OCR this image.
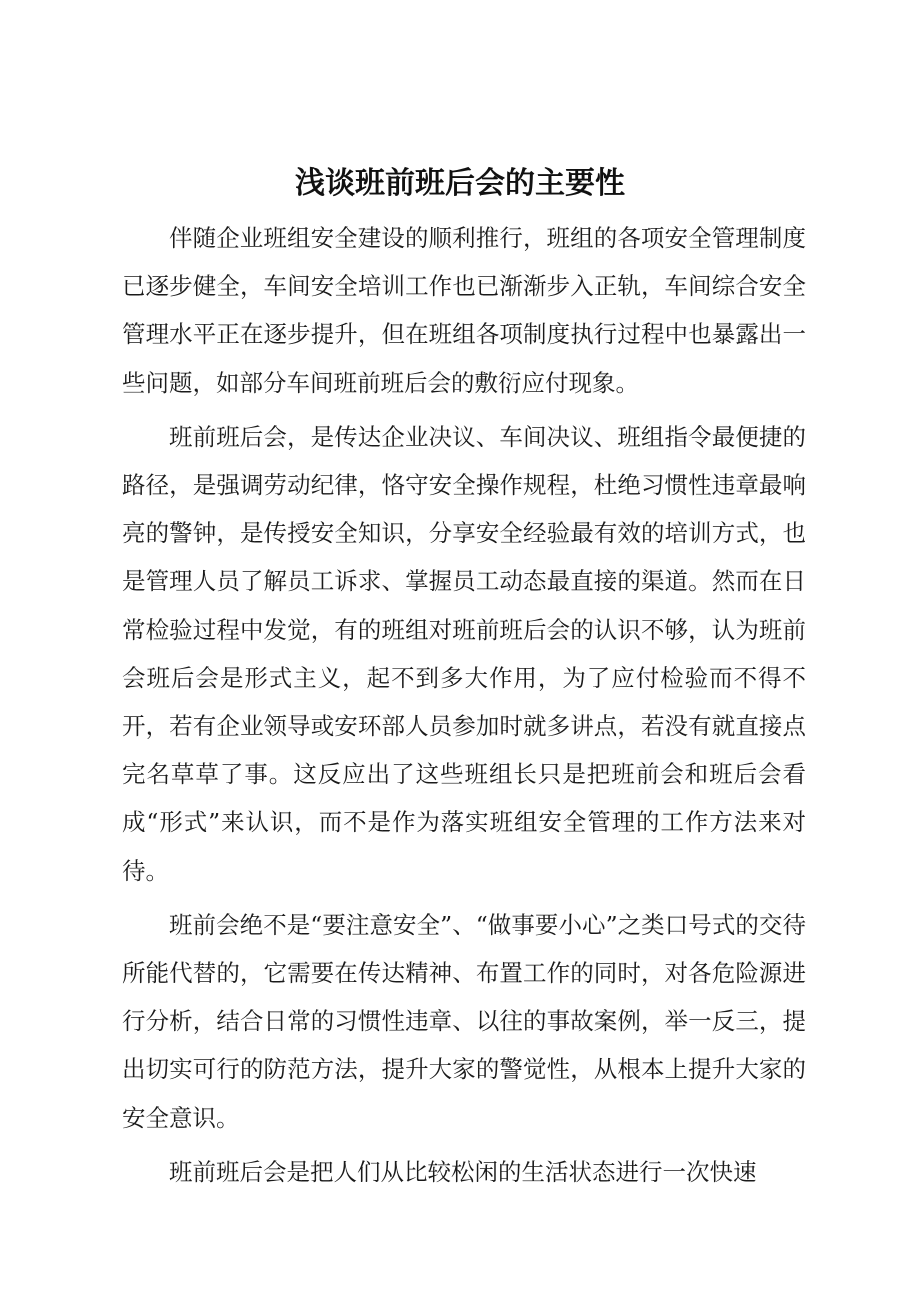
浅谈班前班后会的主要性

伴随企业班组安全建设的顺利推行，班组的各项安全管理制度已逐步健全，车间安全培训工作也已渐渐步入正轨，车间综合安全管理水平正在逐步提升，但在班组各项制度执行过程中也暴露出一些问题，如部分车间班前班后会的敷衍应付现象。

班前班后会，是传达企业决议、车间决议、班组指令最便捷的路径，是强调劳动纪律，恪守安全操作规程，杜绝习惯性违章最响亮的警钟，是传授安全知识，分享安全经验最有效的培训方式，也是管理人员了解员工诉求、掌握员工动态最直接的渠道。然而在日常检验过程中发觉，有的班组对班前班后会的认识不够，认为班前会班后会是形式主义，起不到多大作用，为了应付检验而不得不开，若有企业领导或安环部人员参加时就多讲点，若没有就直接点完名草草了事。这反应出了这些班组长只是把班前会和班后会看成“形式”来认识，而不是作为落实班组安全管理的工作方法来对待。

班前会绝不是“要注意安全”、“做事要小心”之类口号式的交待所能代替的，它需要在传达精神、布置工作的同时，对各危险源进行分析，结合日常的习惯性违章、以往的事故案例，举一反三，提出切实可行的防范方法，提升大家的警觉性，从根本上提升大家的安全意识。

班前班后会是把人们从比较松闲的生活状态进行一次快速
